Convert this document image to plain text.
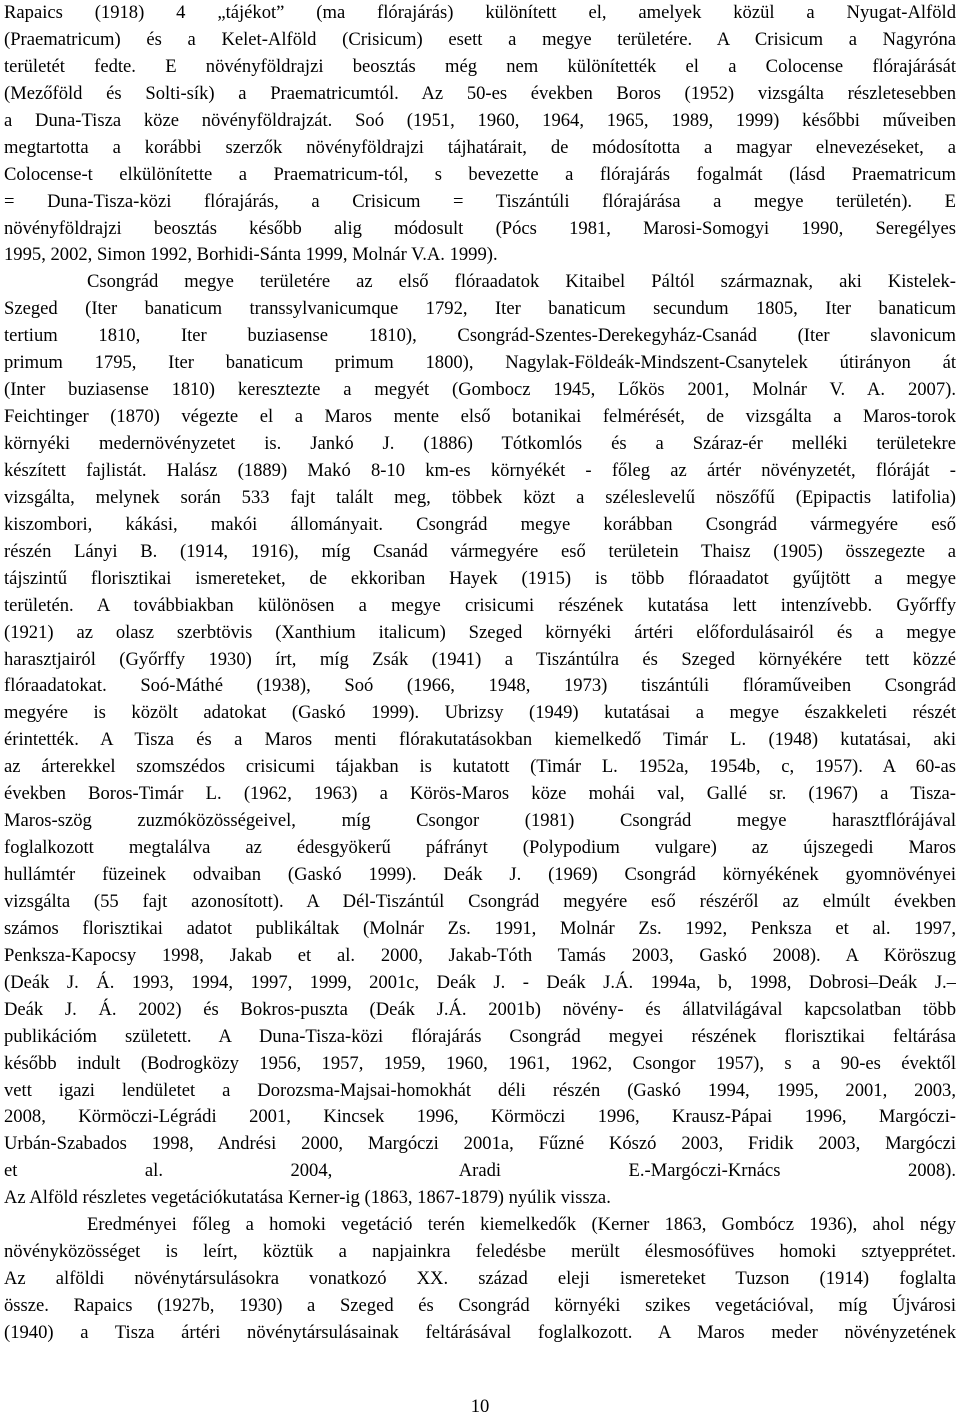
Rapaics (1918) 4 „tájékot” (ma flórajárás) különített el, amelyek közül a Nyugat-Alföld
(Praematricum) és a Kelet-Alföld (Crisicum) esett a megye területére. A Crisicum a Nagyróna
területét fedte. E növényföldrajzi beosztás még nem különítették el a Colocense flórajárását
(Mezőföld és Solti-sík) a Praematricumtól. Az 50-es években Boros (1952) vizsgálta részletesebben
a Duna-Tisza köze növényföldrajzát. Soó (1951, 1960, 1964, 1965, 1989, 1999) későbbi műveiben
megtartotta a korábbi szerzők növényföldrajzi tájhatárait, de módosította a magyar elnevezéseket, a
Colocense-t elkülönítette a Praematricum-tól, s bevezette a flórajárás fogalmát (lásd Praematricum
= Duna-Tisza-közi flórajárás, a Crisicum = Tiszántúli flórajárása a megye területén). E
növényföldrajzi beosztás később alig módosult (Pócs 1981, Marosi-Somogyi 1990, Seregélyes
1995, 2002, Simon 1992, Borhidi-Sánta 1999, Molnár V.A. 1999).
Csongrád megye területére az első flóraadatok Kitaibel Páltól származnak, aki Kistelek-
Szeged (Iter banaticum transsylvanicumque 1792, Iter banaticum secundum 1805, Iter banaticum
tertium 1810, Iter buziasense 1810), Csongrád-Szentes-Derekegyház-Csanád (Iter slavonicum
primum 1795, Iter banaticum primum 1800), Nagylak-Földeák-Mindszent-Csanytelek útirányon át
(Inter buziasense 1810) keresztezte a megyét (Gombocz 1945, Lőkös 2001, Molnár V. A. 2007).
Feichtinger (1870) végezte el a Maros mente első botanikai felmérését, de vizsgálta a Maros-torok
környéki medernövényzetet is. Jankó J. (1886) Tótkomlós és a Száraz-ér melléki területekre
készített fajlistát. Halász (1889) Makó 8-10 km-es környékét - főleg az ártér növényzetét, flóráját -
vizsgálta, melynek során 533 fajt talált meg, többek közt a széleslevelű nöszőfű (Epipactis latifolia)
kiszombori, kákási, makói állományait. Csongrád megye korábban Csongrád vármegyére eső
részén Lányi B. (1914, 1916), míg Csanád vármegyére eső területein Thaisz (1905) összegezte a
tájszintű florisztikai ismereteket, de ekkoriban Hayek (1915) is több flóraadatot gyűjtött a megye
területén. A továbbiakban különösen a megye crisicumi részének kutatása lett intenzívebb. Győrffy
(1921) az olasz szerbtövis (Xanthium italicum) Szeged környéki ártéri előfordulásairól és a megye
harasztjairól (Győrffy 1930) írt, míg Zsák (1941) a Tiszántúlra és Szeged környékére tett közzé
flóraadatokat. Soó-Máthé (1938), Soó (1966, 1948, 1973) tiszántúli flóraműveiben Csongrád
megyére is közölt adatokat (Gaskó 1999). Ubrizsy (1949) kutatásai a megye északkeleti részét
érintették. A Tisza és a Maros menti flórakutatásokban kiemelkedő Timár L. (1948) kutatásai, aki
az árterekkel szomszédos crisicumi tájakban is kutatott (Timár L. 1952a, 1954b, c, 1957). A 60-as
években Boros-Timár L. (1962, 1963) a Körös-Maros köze mohái val, Gallé sr. (1967) a Tisza-
Maros-szög zuzmóközösségeivel, míg Csongor (1981) Csongrád megye harasztflórájával
foglalkozott megtalálva az édesgyökerű páfrányt (Polypodium vulgare) az újszegedi Maros
hullámtér füzeinek odvaiban (Gaskó 1999). Deák J. (1969) Csongrád környékének gyomnövényei
vizsgálta (55 fajt azonosított). A Dél-Tiszántúl Csongrád megyére eső részéről az elmúlt években
számos florisztikai adatot publikáltak (Molnár Zs. 1991, Molnár Zs. 1992, Penksza et al. 1997,
Penksza-Kapocsy 1998, Jakab et al. 2000, Jakab-Tóth Tamás 2003, Gaskó 2008). A Köröszug
(Deák J. Á. 1993, 1994, 1997, 1999, 2001c, Deák J. - Deák J.Á. 1994a, b, 1998, Dobrosi–Deák J.–
Deák J. Á. 2002) és Bokros-puszta (Deák J.Á. 2001b) növény- és állatvilágával kapcsolatban több
publikációm született. A Duna-Tisza-közi flórajárás Csongrád megyei részének florisztikai feltárása
később indult (Bodrogközy 1956, 1957, 1959, 1960, 1961, 1962, Csongor 1957), s a 90-es évektől
vett igazi lendületet a Dorozsma-Majsai-homokhát déli részén (Gaskó 1994, 1995, 2001, 2003,
2008, Körmöczi-Légrádi 2001, Kincsek 1996, Körmöczi 1996, Krausz-Pápai 1996, Margóczi-
Urbán-Szabados 1998, Andrési 2000, Margóczi 2001a, Fűzné Kószó 2003, Fridik 2003, Margóczi
et al. 2004, Aradi E.-Margóczi-Krnács 2008).
Az Alföld részletes vegetációkutatása Kerner-ig (1863, 1867-1879) nyúlik vissza.
Eredményei főleg a homoki vegetáció terén kiemelkedők (Kerner 1863, Gombócz 1936), ahol négy
növényközösséget is leírt, köztük a napjainkra feledésbe merült élesmosófüves homoki sztyepprétet.
Az alföldi növénytársulásokra vonatkozó XX. század eleji ismereteket Tuzson (1914) foglalta
össze. Rapaics (1927b, 1930) a Szeged és Csongrád környéki szikes vegetációval, míg Újvárosi
(1940) a Tisza ártéri növénytársulásainak feltárásával foglalkozott. A Maros meder növényzetének
10
